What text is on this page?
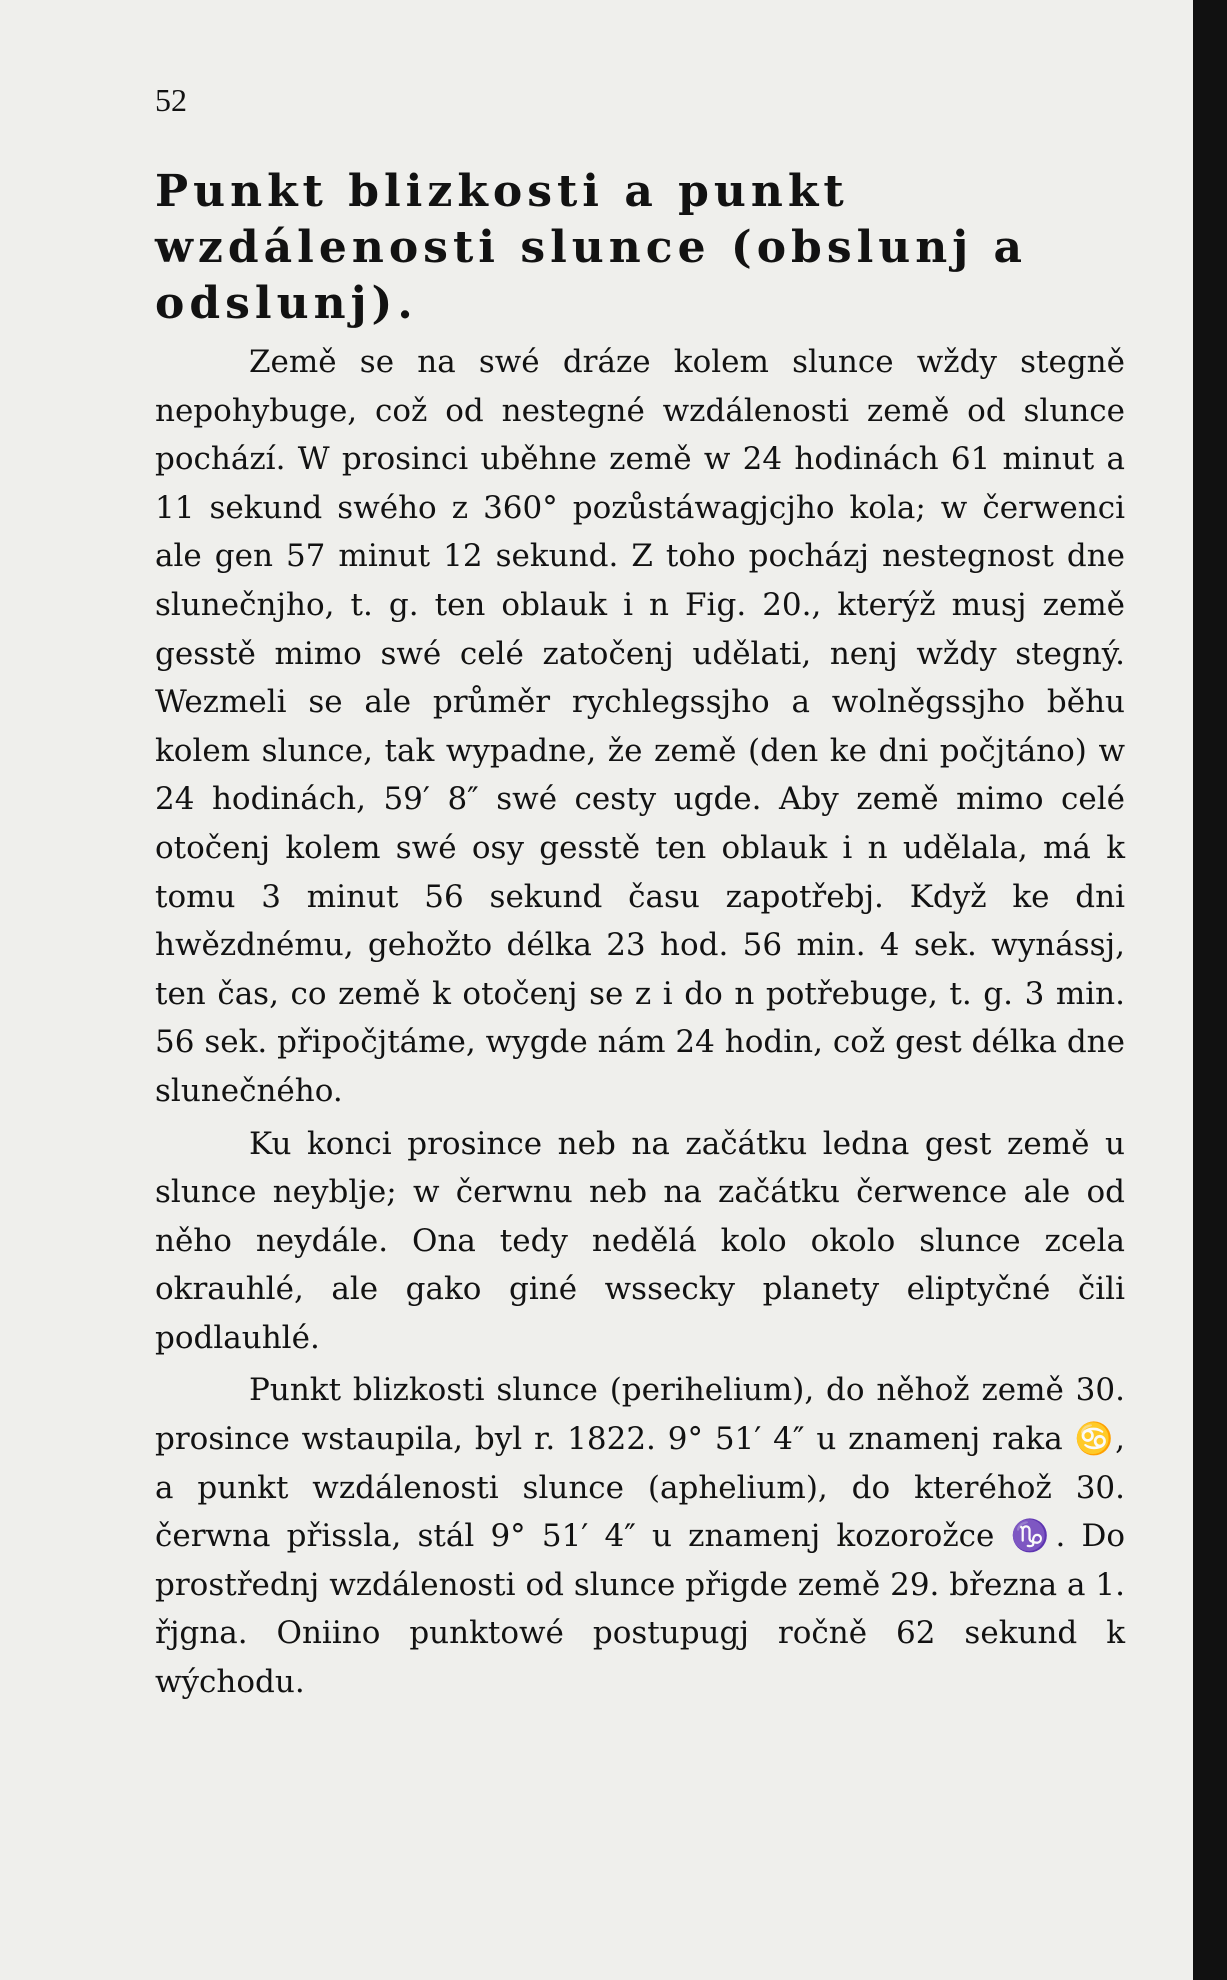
52
Punkt blizkosti a punkt wzdálenosti slunce (obslunj a odslunj).

Země se na swé dráze kolem slunce wždy stegně nepohybuge, což od nestegné wzdálenosti země od slunce pochází. W prosinci uběhne země w 24 hodinách 61 minut a 11 sekund swého z 360° pozůstáwagjcjho kola; w čerwenci ale gen 57 minut 12 sekund. Z toho pocházj nestegnost dne slunečnjho, t. g. ten oblauk i n Fig. 20., kterýž musj země gesstě mimo swé celé zatočenj udělati, nenj wždy stegný. Wezmeli se ale průměr rychlegssjho a wolněgssjho běhu kolem slunce, tak wypadne, že země (den ke dni počjtáno) w 24 hodinách, 59′ 8″ swé cesty ugde. Aby země mimo celé otočenj kolem swé osy gesstě ten oblauk i n udělala, má k tomu 3 minut 56 sekund času zapotřebj. Když ke dni hwězdnému, gehožto délka 23 hod. 56 min. 4 sek. wynássj, ten čas, co země k otočenj se z i do n potřebuge, t. g. 3 min. 56 sek. připočjtáme, wygde nám 24 hodin, což gest délka dne slunečného.

Ku konci prosince neb na začátku ledna gest země u slunce neyblje; w čerwnu neb na začátku čerwence ale od něho neydále. Ona tedy nedělá kolo okolo slunce zcela okrauhlé, ale gako giné wssecky planety eliptyčné čili podlauhlé.

Punkt blizkosti slunce (perihelium), do něhož země 30. prosince wstaupila, byl r. 1822. 9° 51′ 4″ u znamenj raka ♋, a punkt wzdálenosti slunce (aphelium), do kteréhož 30. čerwna přissla, stál 9° 51′ 4″ u znamenj kozorožce ♑. Do prostřednj wzdálenosti od slunce přigde země 29. března a 1. řjgna. Oniino punktowé postupugj ročně 62 sekund k wýchodu.
